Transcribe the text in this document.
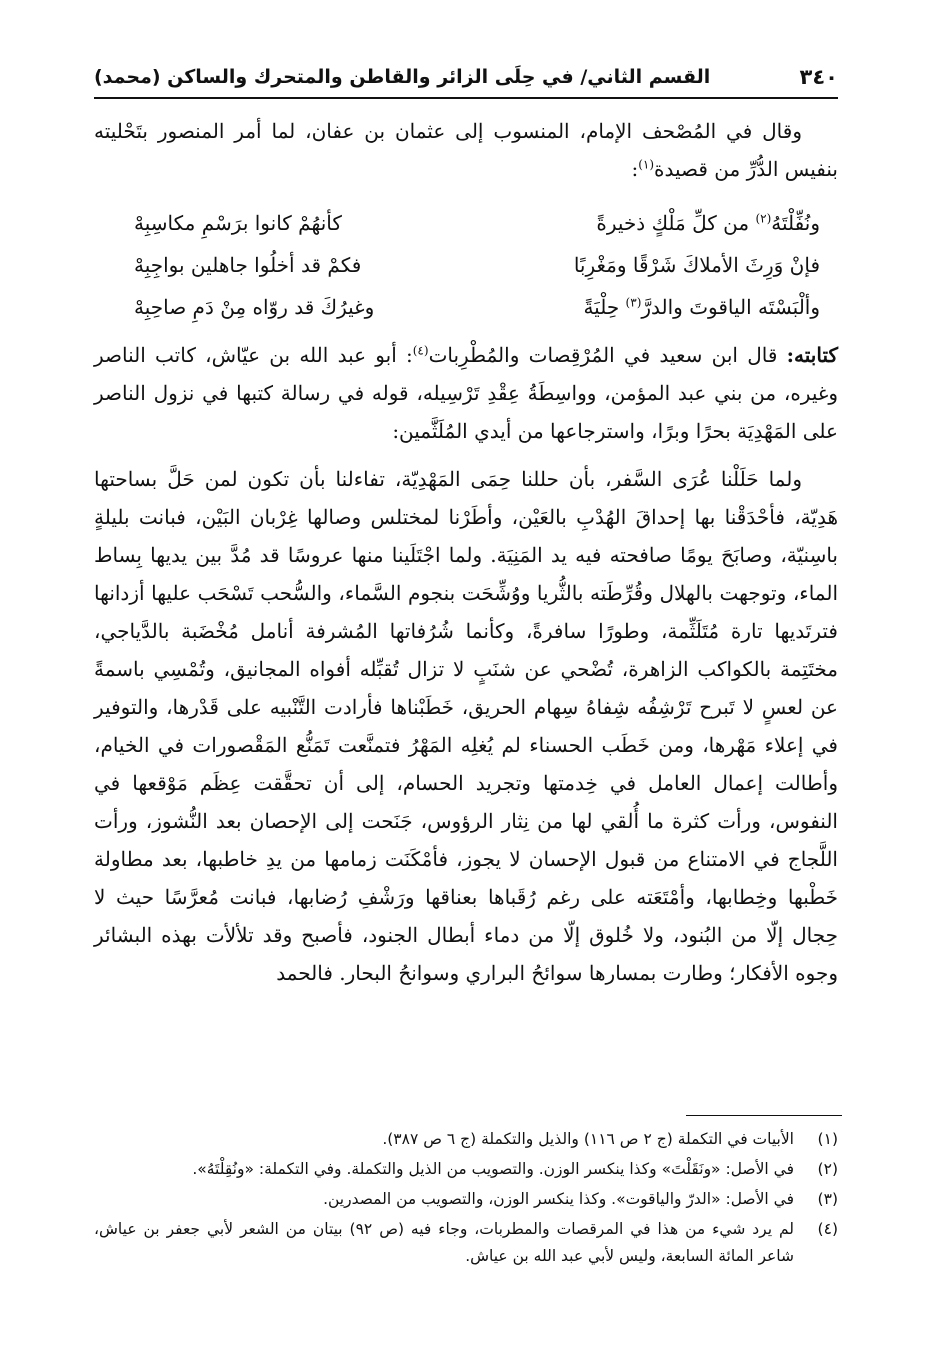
٣٤٠
القسم الثاني/ في حِلَى الزائر والقاطن والمتحرك والساكن (محمد)

وقال في المُصْحف الإمام، المنسوب إلى عثمان بن عفان، لما أمر المنصور بتَحْليته بنفيس الدُّرِّ من قصيدة$^{(١)}$:

ونُفِّلْتَهُ$^{(٢)}$ من كلِّ مَلْكٍ ذخيرةً
كأنهُمْ كانوا برَسْمِ مكاسِبِهْ
فإنْ وَرِثَ الأملاكَ شَرْقًا ومَغْرِبًا
فكمْ قد أخلُوا جاهلين بواجِبِهْ
وألْبَسْتَه الياقوتَ والدرَّ$^{(٣)}$ حِلْيَةً
وغيرُكَ قد روّاه مِنْ دَمِ صاحِبِهْ

كتابته: قال ابن سعيد في المُرْقِصات والمُطْرِبات$^{(٤)}$: أبو عبد الله بن عيّاش، كاتب الناصر وغيره، من بني عبد المؤمن، وواسِطَةُ عِقْدِ تَرْسِيله، قوله في رسالة كتبها في نزول الناصر على المَهْدِيَة بحرًا وبرًا، واسترجاعها من أيدي المُلَثَّمين:

ولما حَلَلْنا عُرَى السَّفر، بأن حللنا حِمَى المَهْدِيّة، تفاءلنا بأن تكون لمن حَلَّ بساحتها هَدِيّة، فأحْدَقْنا بها إحداقَ الهُدْبِ بالعَيْن، وأطَرْنا لمختلس وصالها غِرْبان البَيْن، فبانت بليلةٍ باسِنيّة، وصابَحَ يومًا صافحته فيه يد المَنِيَة. ولما اجْتَلَينا منها عروسًا قد مُدَّ بين يديها بِساط الماء، وتوجهت بالهلال وقُرِّطَته بالثُّريا ووُشِّحَت بنجوم السَّماء، والسُّحب تَسْحَب عليها أزدانها فترتَديها تارة مُتَلَثِّمة، وطورًا سافرةً، وكأنما شُرُفاتها المُشرفة أنامل مُخْضَبة بالدَّياجي، مختَتِمة بالكواكب الزاهرة، تُضْحي عن شنَبٍ لا تزال تُقبِّله أفواه المجانيق، وتُمْسِي باسمةً عن لعسٍ لا تَبرح تَرْشِفُه شِفاهُ سِهام الحريق، خَطَبْناها فأرادت التَّنْبيه على قَدْرها، والتوفير في إعلاء مَهْرها، ومن خَطَب الحسناء لم يُغلِه المَهْرُ فتمنَّعت تَمَنُّع المَقْصورات في الخيام، وأطالت إعمال العامل في خِدمتها وتجريد الحسام، إلى أن تحقَّقت عِظَم مَوْقعها في النفوس، ورأت كثرة ما أُلقي لها من نِثار الرؤوس، جَنَحت إلى الإحصان بعد النُّشوز، ورأت اللَّجاج في الامتناع من قبول الإحسان لا يجوز، فأمْكَنَت زمامها من يدِ خاطبها، بعد مطاولة خَطْبها وخِطابها، وأمْتَعَته على رغم رُقَباها بعناقها ورَشْفِ رُضابها، فبانت مُعرَّسًا حيث لا حِجال إلّا من البُنود، ولا خُلوق إلّا من دماء أبطال الجنود، فأصبح وقد تلألأت بهذه البشائر وجوه الأفكار؛ وطارت بمسارها سوائحُ البراري وسوانحُ البحار. فالحمد

(١)
الأبيات في التكملة (ج ٢ ص ١١٦) والذيل والتكملة (ج ٦ ص ٣٨٧).
(٢)
في الأصل: «ونَقَلْتَ» وكذا ينكسر الوزن. والتصويب من الذيل والتكملة. وفي التكملة: «ونُقِلْتَهُ».
(٣)
في الأصل: «الدرّ والياقوت». وكذا ينكسر الوزن، والتصويب من المصدرين.
(٤)
لم يرد شيء من هذا في المرقصات والمطربات، وجاء فيه (ص ٩٢) بيتان من الشعر لأبي جعفر بن عياش، شاعر المائة السابعة، وليس لأبي عبد الله بن عياش.
